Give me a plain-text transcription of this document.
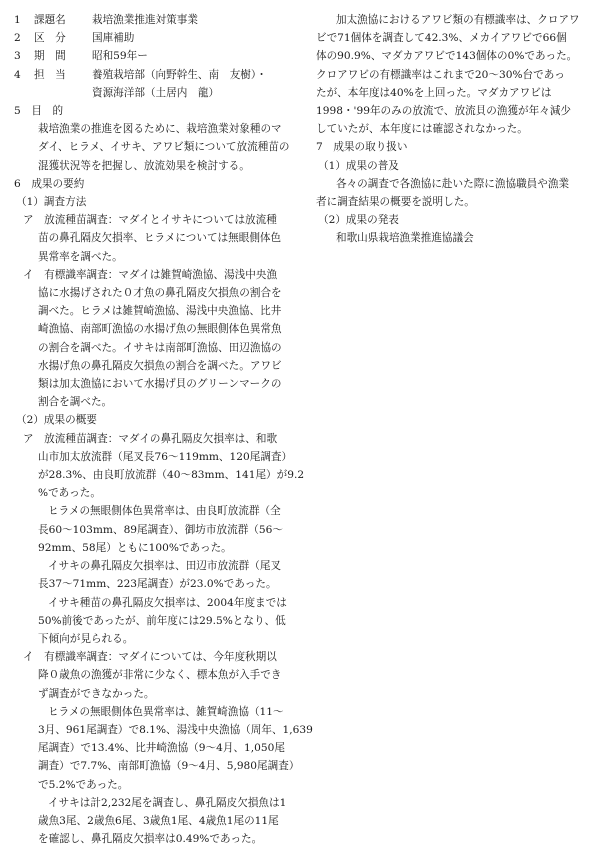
1	課題名	栽培漁業推進対策事業
2	区　分	国庫補助
3	期　間	昭和59年ー
4	担　当	養殖栽培部（向野幹生、南　友樹）・
資源海洋部（土居内　龍）
5　目　的
栽培漁業の推進を図るために、栽培漁業対象種のマ
ダイ、ヒラメ、イサキ、アワビ類について放流種苗の
混獲状況等を把握し、放流効果を検討する。
6　成果の要約
（1）調査方法
ア　放流種苗調査：マダイとイサキについては放流種
苗の鼻孔隔皮欠損率、ヒラメについては無眼側体色
異常率を調べた。
イ　有標識率調査：マダイは雑賀崎漁協、湯浅中央漁
協に水揚げされた０才魚の鼻孔隔皮欠損魚の割合を
調べた。ヒラメは雑賀崎漁協、湯浅中央漁協、比井
崎漁協、南部町漁協の水揚げ魚の無眼側体色異常魚
の割合を調べた。イサキは南部町漁協、田辺漁協の
水揚げ魚の鼻孔隔皮欠損魚の割合を調べた。アワビ
類は加太漁協において水揚げ貝のグリーンマークの
割合を調べた。
（2）成果の概要
ア　放流種苗調査：マダイの鼻孔隔皮欠損率は、和歌
山市加太放流群（尾叉長76～119mm、120尾調査）
が28.3%、由良町放流群（40～83mm、141尾）が9.2
%であった。
ヒラメの無眼側体色異常率は、由良町放流群（全
長60～103mm、89尾調査）、御坊市放流群（56～
92mm、58尾）ともに100%であった。
イサキの鼻孔隔皮欠損率は、田辺市放流群（尾叉
長37～71mm、223尾調査）が23.0%であった。
イサキ種苗の鼻孔隔皮欠損率は、2004年度までは
50%前後であったが、前年度には29.5%となり、低
下傾向が見られる。
イ　有標識率調査：マダイについては、今年度秋期以
降０歳魚の漁獲が非常に少なく、標本魚が入手でき
ず調査ができなかった。
ヒラメの無眼側体色異常率は、雑賀崎漁協（11～
3月、961尾調査）で8.1%、湯浅中央漁協（周年、1,639
尾調査）で13.4%、比井崎漁協（9～4月、1,050尾
調査）で7.7%、南部町漁協（9～4月、5,980尾調査）
で5.2%であった。
イサキは計2,232尾を調査し、鼻孔隔皮欠損魚は1
歳魚3尾、2歳魚6尾、3歳魚1尾、4歳魚1尾の11尾
を確認し、鼻孔隔皮欠損率は0.49%であった。
加太漁協におけるアワビ類の有標識率は、クロアワ
ビで71個体を調査して42.3%、メカイアワビで66個
体の90.9%、マダカアワビで143個体の0%であった。
クロアワビの有標識率はこれまで20～30%台であっ
たが、本年度は40%を上回った。マダカアワビは
1998・'99年のみの放流で、放流貝の漁獲が年々減少
していたが、本年度には確認されなかった。
7　成果の取り扱い
（1）成果の普及
各々の調査で各漁協に赴いた際に漁協職員や漁業
者に調査結果の概要を説明した。
（2）成果の発表
和歌山県栽培漁業推進協議会
